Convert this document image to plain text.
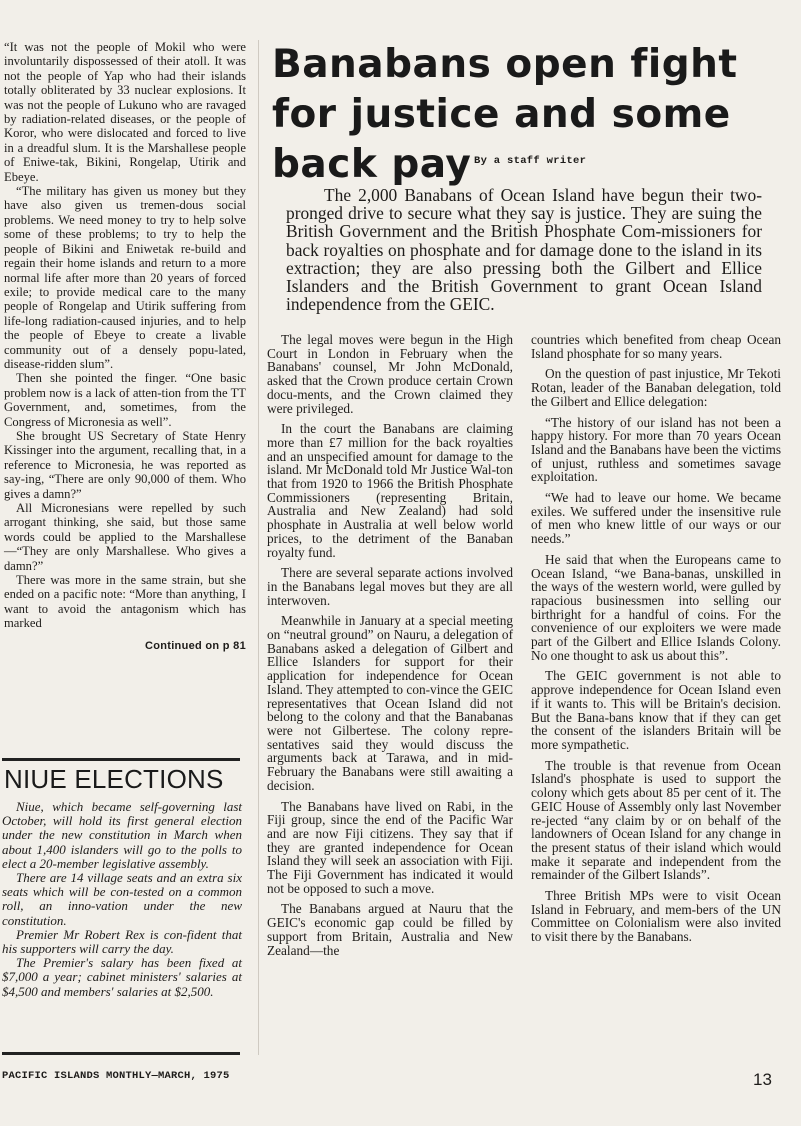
“It was not the people of Mokil who were involuntarily dispossessed of their atoll. It was not the people of Yap who had their islands totally obliterated by 33 nuclear explosions. It was not the people of Lukuno who are ravaged by radiation-related diseases, or the people of Koror, who were dislocated and forced to live in a dreadful slum. It is the Marshallese people of Eniwe-tak, Bikini, Rongelap, Utirik and Ebeye.

“The military has given us money but they have also given us tremen-dous social problems. We need money to try to help solve some of these problems; to try to help the people of Bikini and Eniwetak re-build and regain their home islands and return to a more normal life after more than 20 years of forced exile; to provide medical care to the many people of Rongelap and Utirik suffering from life-long radiation-caused injuries, and to help the people of Ebeye to create a livable community out of a densely popu-lated, disease-ridden slum”.

Then she pointed the finger. “One basic problem now is a lack of atten-tion from the TT Government, and, sometimes, from the Congress of Micronesia as well”.

She brought US Secretary of State Henry Kissinger into the argument, recalling that, in a reference to Micronesia, he was reported as say-ing, “There are only 90,000 of them. Who gives a damn?”

All Micronesians were repelled by such arrogant thinking, she said, but those same words could be applied to the Marshallese—“They are only Marshallese. Who gives a damn?”

There was more in the same strain, but she ended on a pacific note: “More than anything, I want to avoid the antagonism which has marked

Continued on p 81
NIUE ELECTIONS

Niue, which became self-governing last October, will hold its first general election under the new constitution in March when about 1,400 islanders will go to the polls to elect a 20-member legislative assembly.

There are 14 village seats and an extra six seats which will be con-tested on a common roll, an inno-vation under the new constitution.

Premier Mr Robert Rex is con-fident that his supporters will carry the day.

The Premier's salary has been fixed at $7,000 a year; cabinet ministers' salaries at $4,500 and members' salaries at $2,500.

Banabans open fight for justice and some back pay By a staff writer
The 2,000 Banabans of Ocean Island have begun their two-pronged drive to secure what they say is justice. They are suing the British Government and the British Phosphate Com-missioners for back royalties on phosphate and for damage done to the island in its extraction; they are also pressing both the Gilbert and Ellice Islanders and the British Government to grant Ocean Island independence from the GEIC.

The legal moves were begun in the High Court in London in February when the Banabans' counsel, Mr John McDonald, asked that the Crown produce certain Crown docu-ments, and the Crown claimed they were privileged.

In the court the Banabans are claiming more than £7 million for the back royalties and an unspecified amount for damage to the island. Mr McDonald told Mr Justice Wal-ton that from 1920 to 1966 the British Phosphate Commissioners (representing Britain, Australia and New Zealand) had sold phosphate in Australia at well below world prices, to the detriment of the Banaban royalty fund.

There are several separate actions involved in the Banabans legal moves but they are all interwoven.

Meanwhile in January at a special meeting on “neutral ground” on Nauru, a delegation of Banabans asked a delegation of Gilbert and Ellice Islanders for support for their application for independence for Ocean Island. They attempted to con-vince the GEIC representatives that Ocean Island did not belong to the colony and that the Banabanas were not Gilbertese. The colony repre-sentatives said they would discuss the arguments back at Tarawa, and in mid-February the Banabans were still awaiting a decision.

The Banabans have lived on Rabi, in the Fiji group, since the end of the Pacific War and are now Fiji citizens. They say that if they are granted independence for Ocean Island they will seek an association with Fiji. The Fiji Government has indicated it would not be opposed to such a move.

The Banabans argued at Nauru that the GEIC's economic gap could be filled by support from Britain, Australia and New Zealand—the

countries which benefited from cheap Ocean Island phosphate for so many years.

On the question of past injustice, Mr Tekoti Rotan, leader of the Banaban delegation, told the Gilbert and Ellice delegation:

“The history of our island has not been a happy history. For more than 70 years Ocean Island and the Banabans have been the victims of unjust, ruthless and sometimes savage exploitation.

“We had to leave our home. We became exiles. We suffered under the insensitive rule of men who knew little of our ways or our needs.”

He said that when the Europeans came to Ocean Island, “we Bana-banas, unskilled in the ways of the western world, were gulled by rapacious businessmen into selling our birthright for a handful of coins. For the convenience of our exploiters we were made part of the Gilbert and Ellice Islands Colony. No one thought to ask us about this”.

The GEIC government is not able to approve independence for Ocean Island even if it wants to. This will be Britain's decision. But the Bana-bans know that if they can get the consent of the islanders Britain will be more sympathetic.

The trouble is that revenue from Ocean Island's phosphate is used to support the colony which gets about 85 per cent of it. The GEIC House of Assembly only last November re-jected “any claim by or on behalf of the landowners of Ocean Island for any change in the present status of their island which would make it separate and independent from the remainder of the Gilbert Islands”.

Three British MPs were to visit Ocean Island in February, and mem-bers of the UN Committee on Colonialism were also invited to visit there by the Banabans.

PACIFIC ISLANDS MONTHLY—MARCH, 1975	13
